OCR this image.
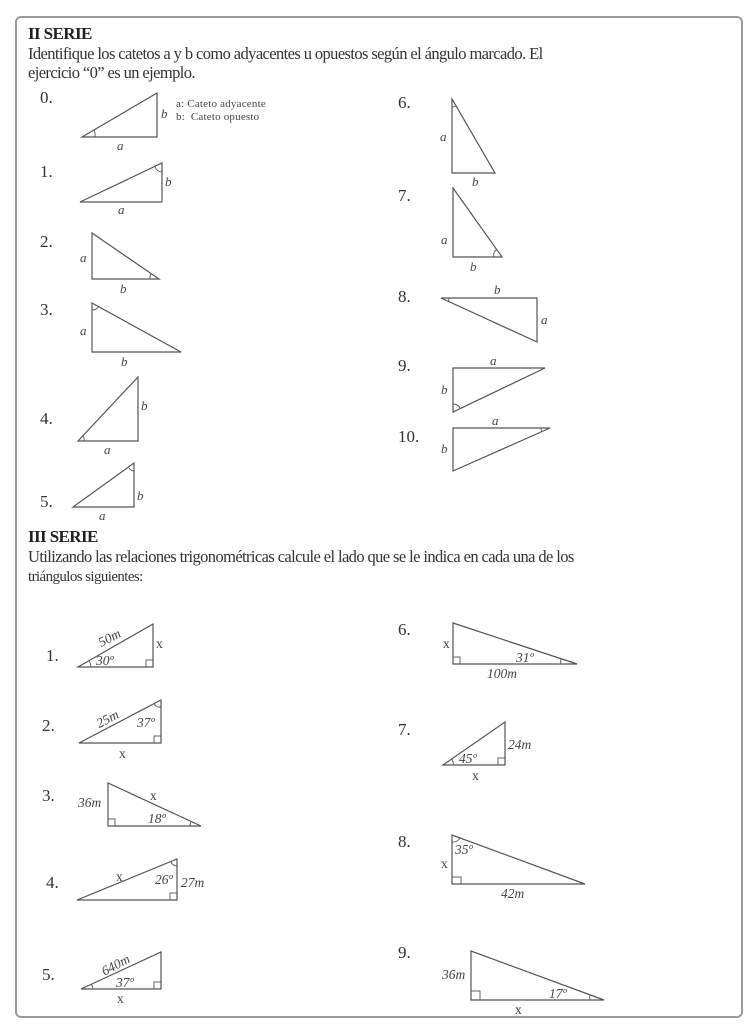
II SERIE
Identifique los catetos a y b como adyacentes u opuestos según el ángulo marcado. El
ejercicio “0” es un ejemplo.
0.
1.
2.
3.
4.
5.
6.
7.
8.
9.
10.
a: Cateto adyacente
b:  Cateto opuesto
III SERIE
Utilizando las relaciones trigonométricas calcule el lado que se le indica en cada una de los
triángulos siguientes:
1.
2.
3.
4.
5.
6.
7.
8.
9.
a
b
a
b
a
b
a
b
a
b
a
b
a
b
a
b
b
a
a
b
a
b
50m
30º
x
25m 37º
x
36m
18º
x
x 26º 27m
640m
37º
x
x
31º
100m
45º
24m
x
35º
x
42m
36m
17º
x
